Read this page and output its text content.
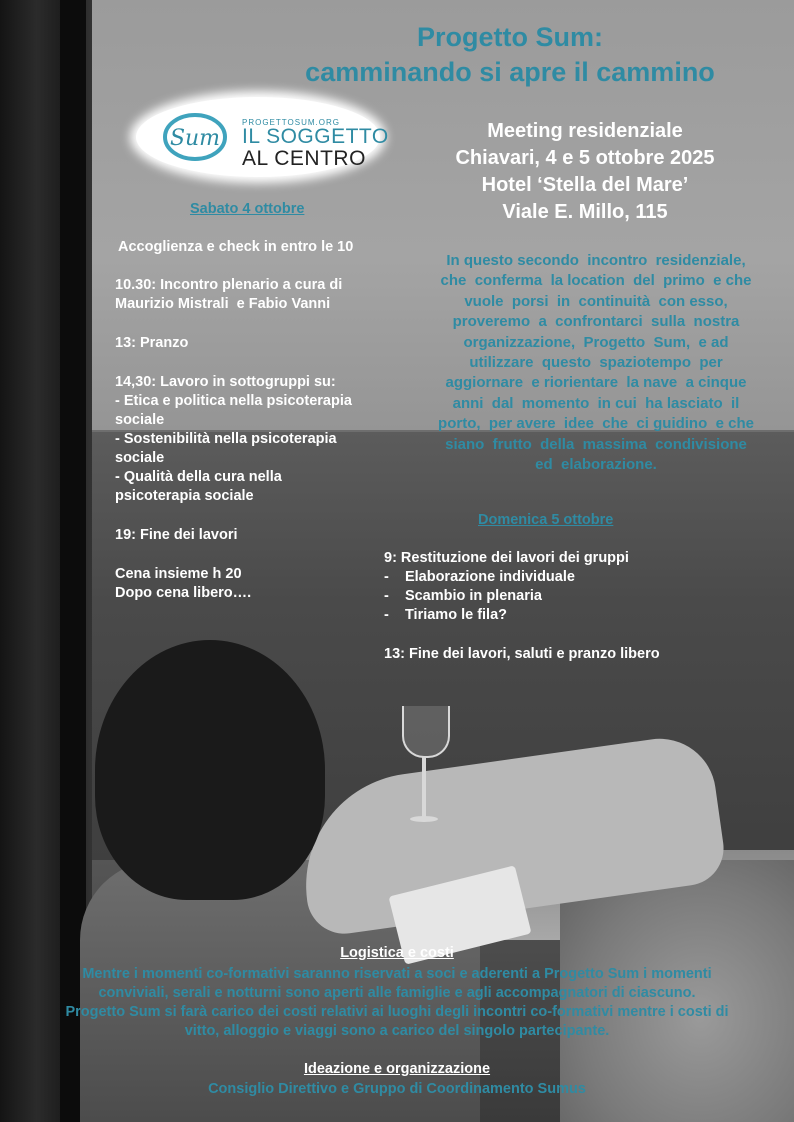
Progetto Sum:
camminando si apre il cammino
Sum
PROGETTOSUM.ORG
IL SOGGETTO
AL CENTRO
Meeting residenziale
Chiavari, 4 e 5 ottobre 2025
Hotel ‘Stella del Mare’
Viale E. Millo, 115
In questo secondo  incontro  residenziale,
che  conferma  la location  del  primo  e che
vuole  porsi  in  continuità  con esso,
proveremo  a  confrontarci  sulla  nostra
organizzazione,  Progetto  Sum,  e ad
utilizzare  questo  spaziotempo  per
aggiornare  e riorientare  la nave  a cinque
anni  dal  momento  in cui  ha lasciato  il
porto,  per avere  idee  che  ci guidino  e che
siano  frutto  della  massima  condivisione
ed  elaborazione.
Sabato 4 ottobre
Accoglienza e check in entro le 10
10.30: Incontro plenario a cura di
Maurizio Mistrali  e Fabio Vanni
13: Pranzo
14,30: Lavoro in sottogruppi su:
- Etica e politica nella psicoterapia
sociale
- Sostenibilità nella psicoterapia
sociale
- Qualità della cura nella
psicoterapia sociale
19: Fine dei lavori
Cena insieme h 20
Dopo cena libero….
Domenica 5 ottobre
9: Restituzione dei lavori dei gruppi
-    Elaborazione individuale
-    Scambio in plenaria
-    Tiriamo le fila?
13: Fine dei lavori, saluti e pranzo libero
Logistica e costi
Mentre i momenti co-formativi saranno riservati a soci e aderenti a Progetto Sum i momenti
conviviali, serali e notturni sono aperti alle famiglie e agli accompagnatori di ciascuno.
Progetto Sum si farà carico dei costi relativi ai luoghi degli incontri co-formativi mentre i costi di
vitto, alloggio e viaggi sono a carico del singolo partecipante.
Ideazione e organizzazione
Consiglio Direttivo e Gruppo di Coordinamento Sumus
